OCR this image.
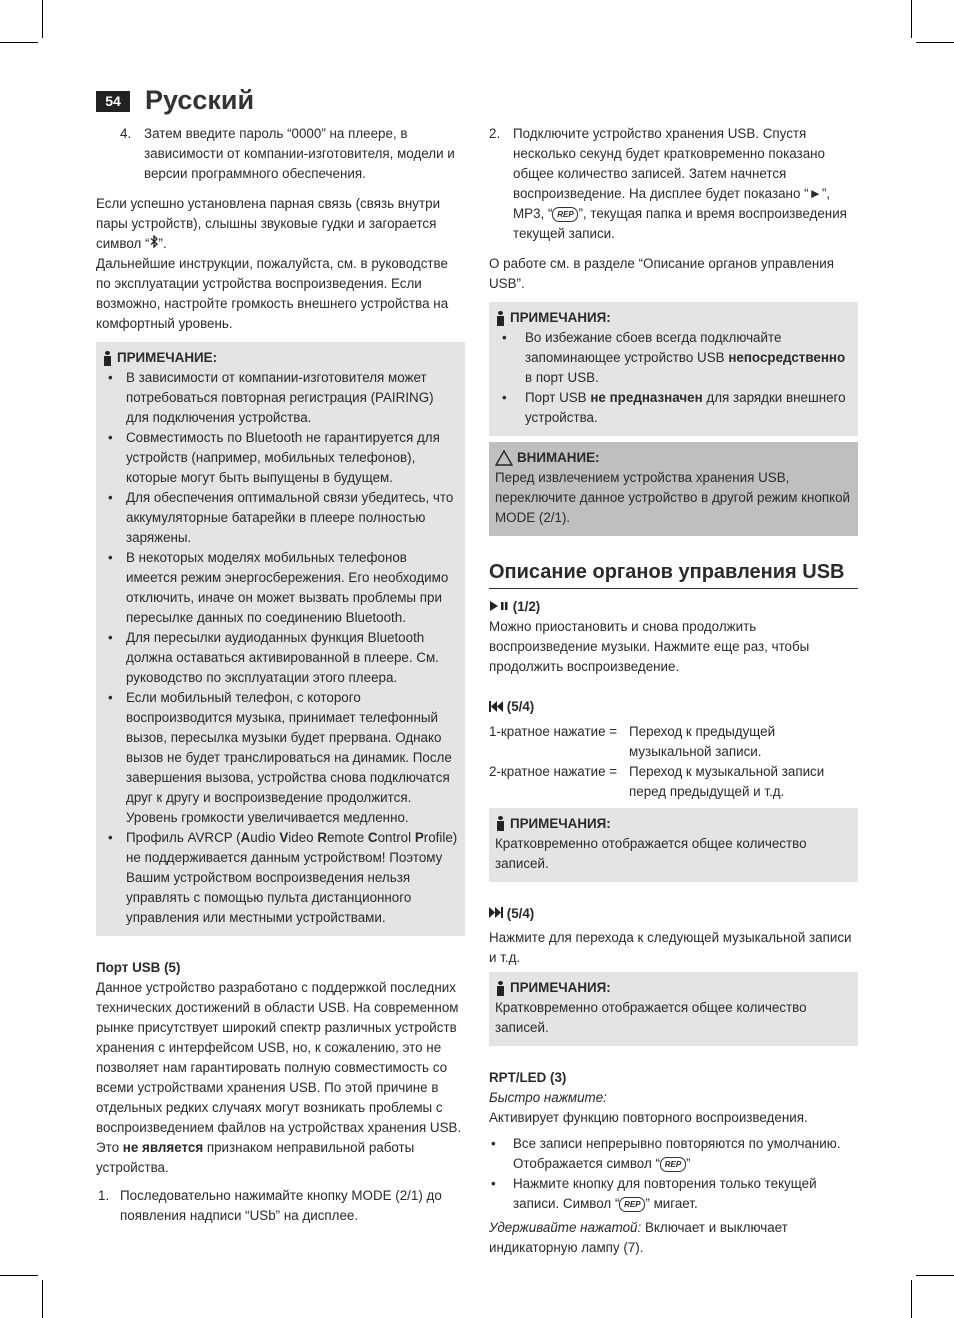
54 Русский
4. Затем введите пароль “0000” на плеере, в зависимости от компании-изготовителя, модели и версии программного обеспечения.

Если успешно установлена парная связь (связь внутри пары устройств), слышны звуковые гудки и загорается символ “ ”.

Дальнейшие инструкции, пожалуйста, см. в руководстве по эксплуатации устройства воспроизведения. Если возможно, настройте громкость внешнего устройства на комфортный уровень.

ПРИМЕЧАНИЕ:
• В зависимости от компании-изготовителя может потребоваться повторная регистрация (PAIRING) для подключения устройства.
• Совместимость по Bluetooth не гарантируется для устройств (например, мобильных телефонов), которые могут быть выпущены в будущем.
• Для обеспечения оптимальной связи убедитесь, что аккумуляторные батарейки в плеере полностью заряжены.
• В некоторых моделях мобильных телефонов имеется режим энергосбережения. Его необходимо отключить, иначе он может вызвать проблемы при пересылке данных по соединению Bluetooth.
• Для пересылки аудиоданных функция Bluetooth должна оставаться активированной в плеере. См. руководство по эксплуатации этого плеера.
• Если мобильный телефон, с которого воспроизводится музыка, принимает телефонный вызов, пересылка музыки будет прервана. Однако вызов не будет транслироваться на динамик. После завершения вызова, устройства снова подключатся друг к другу и воспроизведение продолжится. Уровень громкости увеличивается медленно.
• Профиль AVRCP (Audio Video Remote Control Profile) не поддерживается данным устройством! Поэтому Вашим устройством воспроизведения нельзя управлять с помощью пульта дистанционного управления или местными устройствами.

Порт USB (5)

Данное устройство разработано с поддержкой последних технических достижений в области USB. На современном рынке присутствует широкий спектр различных устройств хранения с интерфейсом USB, но, к сожалению, это не позволяет нам гарантировать полную совместимость со всеми устройствами хранения USB. По этой причине в отдельных редких случаях могут возникать проблемы с воспроизведением файлов на устройствах хранения USB. Это не является признаком неправильной работы устройства.

1. Последовательно нажимайте кнопку MODE (2/1) до появления надписи “USb” на дисплее.
2. Подключите устройство хранения USB. Спустя несколько секунд будет кратковременно показано общее количество записей. Затем начнется воспроизведение. На дисплее будет показано “►”, MP3, “ REP ”, текущая папка и время воспроизведения текущей записи.

О работе см. в разделе “Описание органов управления USB”.

ПРИМЕЧАНИЯ:
• Во избежание сбоев всегда подключайте запоминающее устройство USB непосредственно в порт USB.
• Порт USB не предназначен для зарядки внешнего устройства.
ВНИМАНИЕ:

Перед извлечением устройства хранения USB, переключите данное устройство в другой режим кнопкой MODE (2/1).

Описание органов управления USB

(1/2)

Можно приостановить и снова продолжить воспроизведение музыки. Нажмите еще раз, чтобы продолжить воспроизведение.

(5/4)

1-кратное нажатие = Переход к предыдущей музыкальной записи.
2-кратное нажатие = Переход к музыкальной записи перед предыдущей и т.д.
ПРИМЕЧАНИЯ:

Кратковременно отображается общее количество записей.

(5/4)

Нажмите для перехода к следующей музыкальной записи и т.д.

ПРИМЕЧАНИЯ:

Кратковременно отображается общее количество записей.

RPT/LED (3)

Быстро нажмите:

Активирует функцию повторного воспроизведения.

• Все записи непрерывно повторяются по умолчанию. Отображается символ “ REP ”
• Нажмите кнопку для повторения только текущей записи. Символ “ REP ” мигает.

Удерживайте нажатой: Включает и выключает индикаторную лампу (7).
